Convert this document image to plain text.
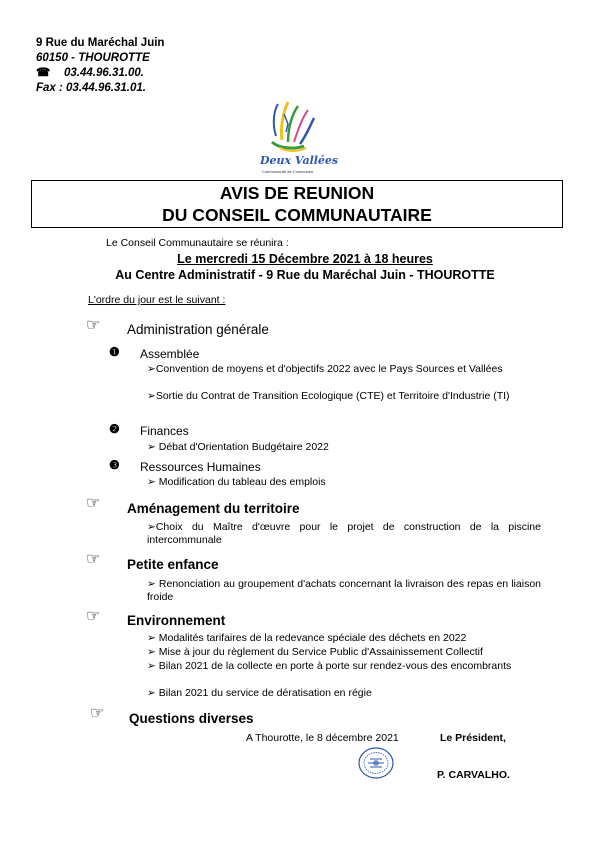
9 Rue du Maréchal Juin
60150 - THOUROTTE
☎ 03.44.96.31.00.
Fax : 03.44.96.31.01.
Deux Vallées
Communauté de Communes
AVIS DE REUNION
DU CONSEIL COMMUNAUTAIRE
Le Conseil Communautaire se réunira :
Le mercredi 15 Décembre 2021 à 18 heures
Au Centre Administratif - 9 Rue du Maréchal Juin - THOUROTTE
L'ordre du jour est le suivant :
☞ Administration générale
❶ Assemblée
➢Convention de moyens et d'objectifs 2022 avec le Pays Sources et Vallées
➢Sortie du Contrat de Transition Ecologique (CTE) et Territoire d'Industrie (TI)
❷ Finances
➢ Débat d'Orientation Budgétaire 2022
❸ Ressources Humaines
➢ Modification du tableau des emplois
☞ Aménagement du territoire
➢Choix du Maître d'œuvre pour le projet de construction de la piscine intercommunale
☞ Petite enfance
➢ Renonciation au groupement d'achats concernant la livraison des repas en liaison froide
☞ Environnement
➢ Modalités tarifaires de la redevance spéciale des déchets en 2022
➢ Mise à jour du règlement du Service Public d'Assainissement Collectif
➢ Bilan 2021 de la collecte en porte à porte sur rendez-vous des encombrants
➢ Bilan 2021 du service de dératisation en régie
☞ Questions diverses
A Thourotte, le 8 décembre 2021	Le Président,
P. CARVALHO.
